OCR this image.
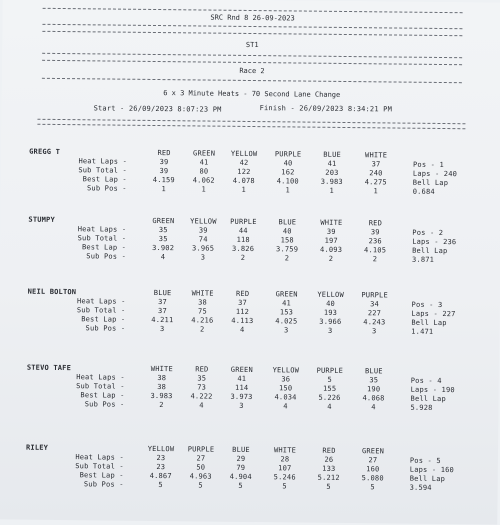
SRC Rnd 8 26-09-2023
ST1
Race 2
6 x 3 Minute Heats - 70 Second Lane Change
Start - 26/09/2023 8:07:23 PM	Finish - 26/09/2023 8:34:21 PM
GREGG T	RED	GREEN	YELLOW	PURPLE	BLUE	WHITE
Heat Laps -	39	41	42	40	41	37
Sub Total -	39	80	122	162	203	240
Best Lap -	4.159	4.062	4.078	4.100	3.983	4.275
Sub Pos -	1	1	1	1	1	1
Pos - 1
Laps - 240
Bell Lap
0.684
STUMPY	GREEN	YELLOW	PURPLE	BLUE	WHITE	RED
Heat Laps -	35	39	44	40	39	39
Sub Total -	35	74	118	158	197	236
Best Lap -	3.902	3.965	3.826	3.759	4.093	4.105
Sub Pos -	4	3	2	2	2	2
Pos - 2
Laps - 236
Bell Lap
3.871
NEIL BOLTON	BLUE	WHITE	RED	GREEN	YELLOW	PURPLE
Heat Laps -	37	38	37	41	40	34
Sub Total -	37	75	112	153	193	227
Best Lap -	4.211	4.216	4.113	4.025	3.966	4.243
Sub Pos -	3	2	4	3	3	3
Pos - 3
Laps - 227
Bell Lap
1.471
STEVO TAFE	WHITE	RED	GREEN	YELLOW	PURPLE	BLUE
Heat Laps -	38	35	41	36	5	35
Sub Total -	38	73	114	150	155	190
Best Lap -	3.983	4.222	3.973	4.034	5.226	4.068
Sub Pos -	2	4	3	4	4	4
Pos - 4
Laps - 190
Bell Lap
5.928
RILEY	YELLOW	PURPLE	BLUE	WHITE	RED	GREEN
Heat Laps -	23	27	29	28	26	27
Sub Total -	23	50	79	107	133	160
Best Lap -	4.867	4.963	4.904	5.246	5.212	5.080
Sub Pos -	5	5	5	5	5	5
Pos - 5
Laps - 160
Bell Lap
3.594
